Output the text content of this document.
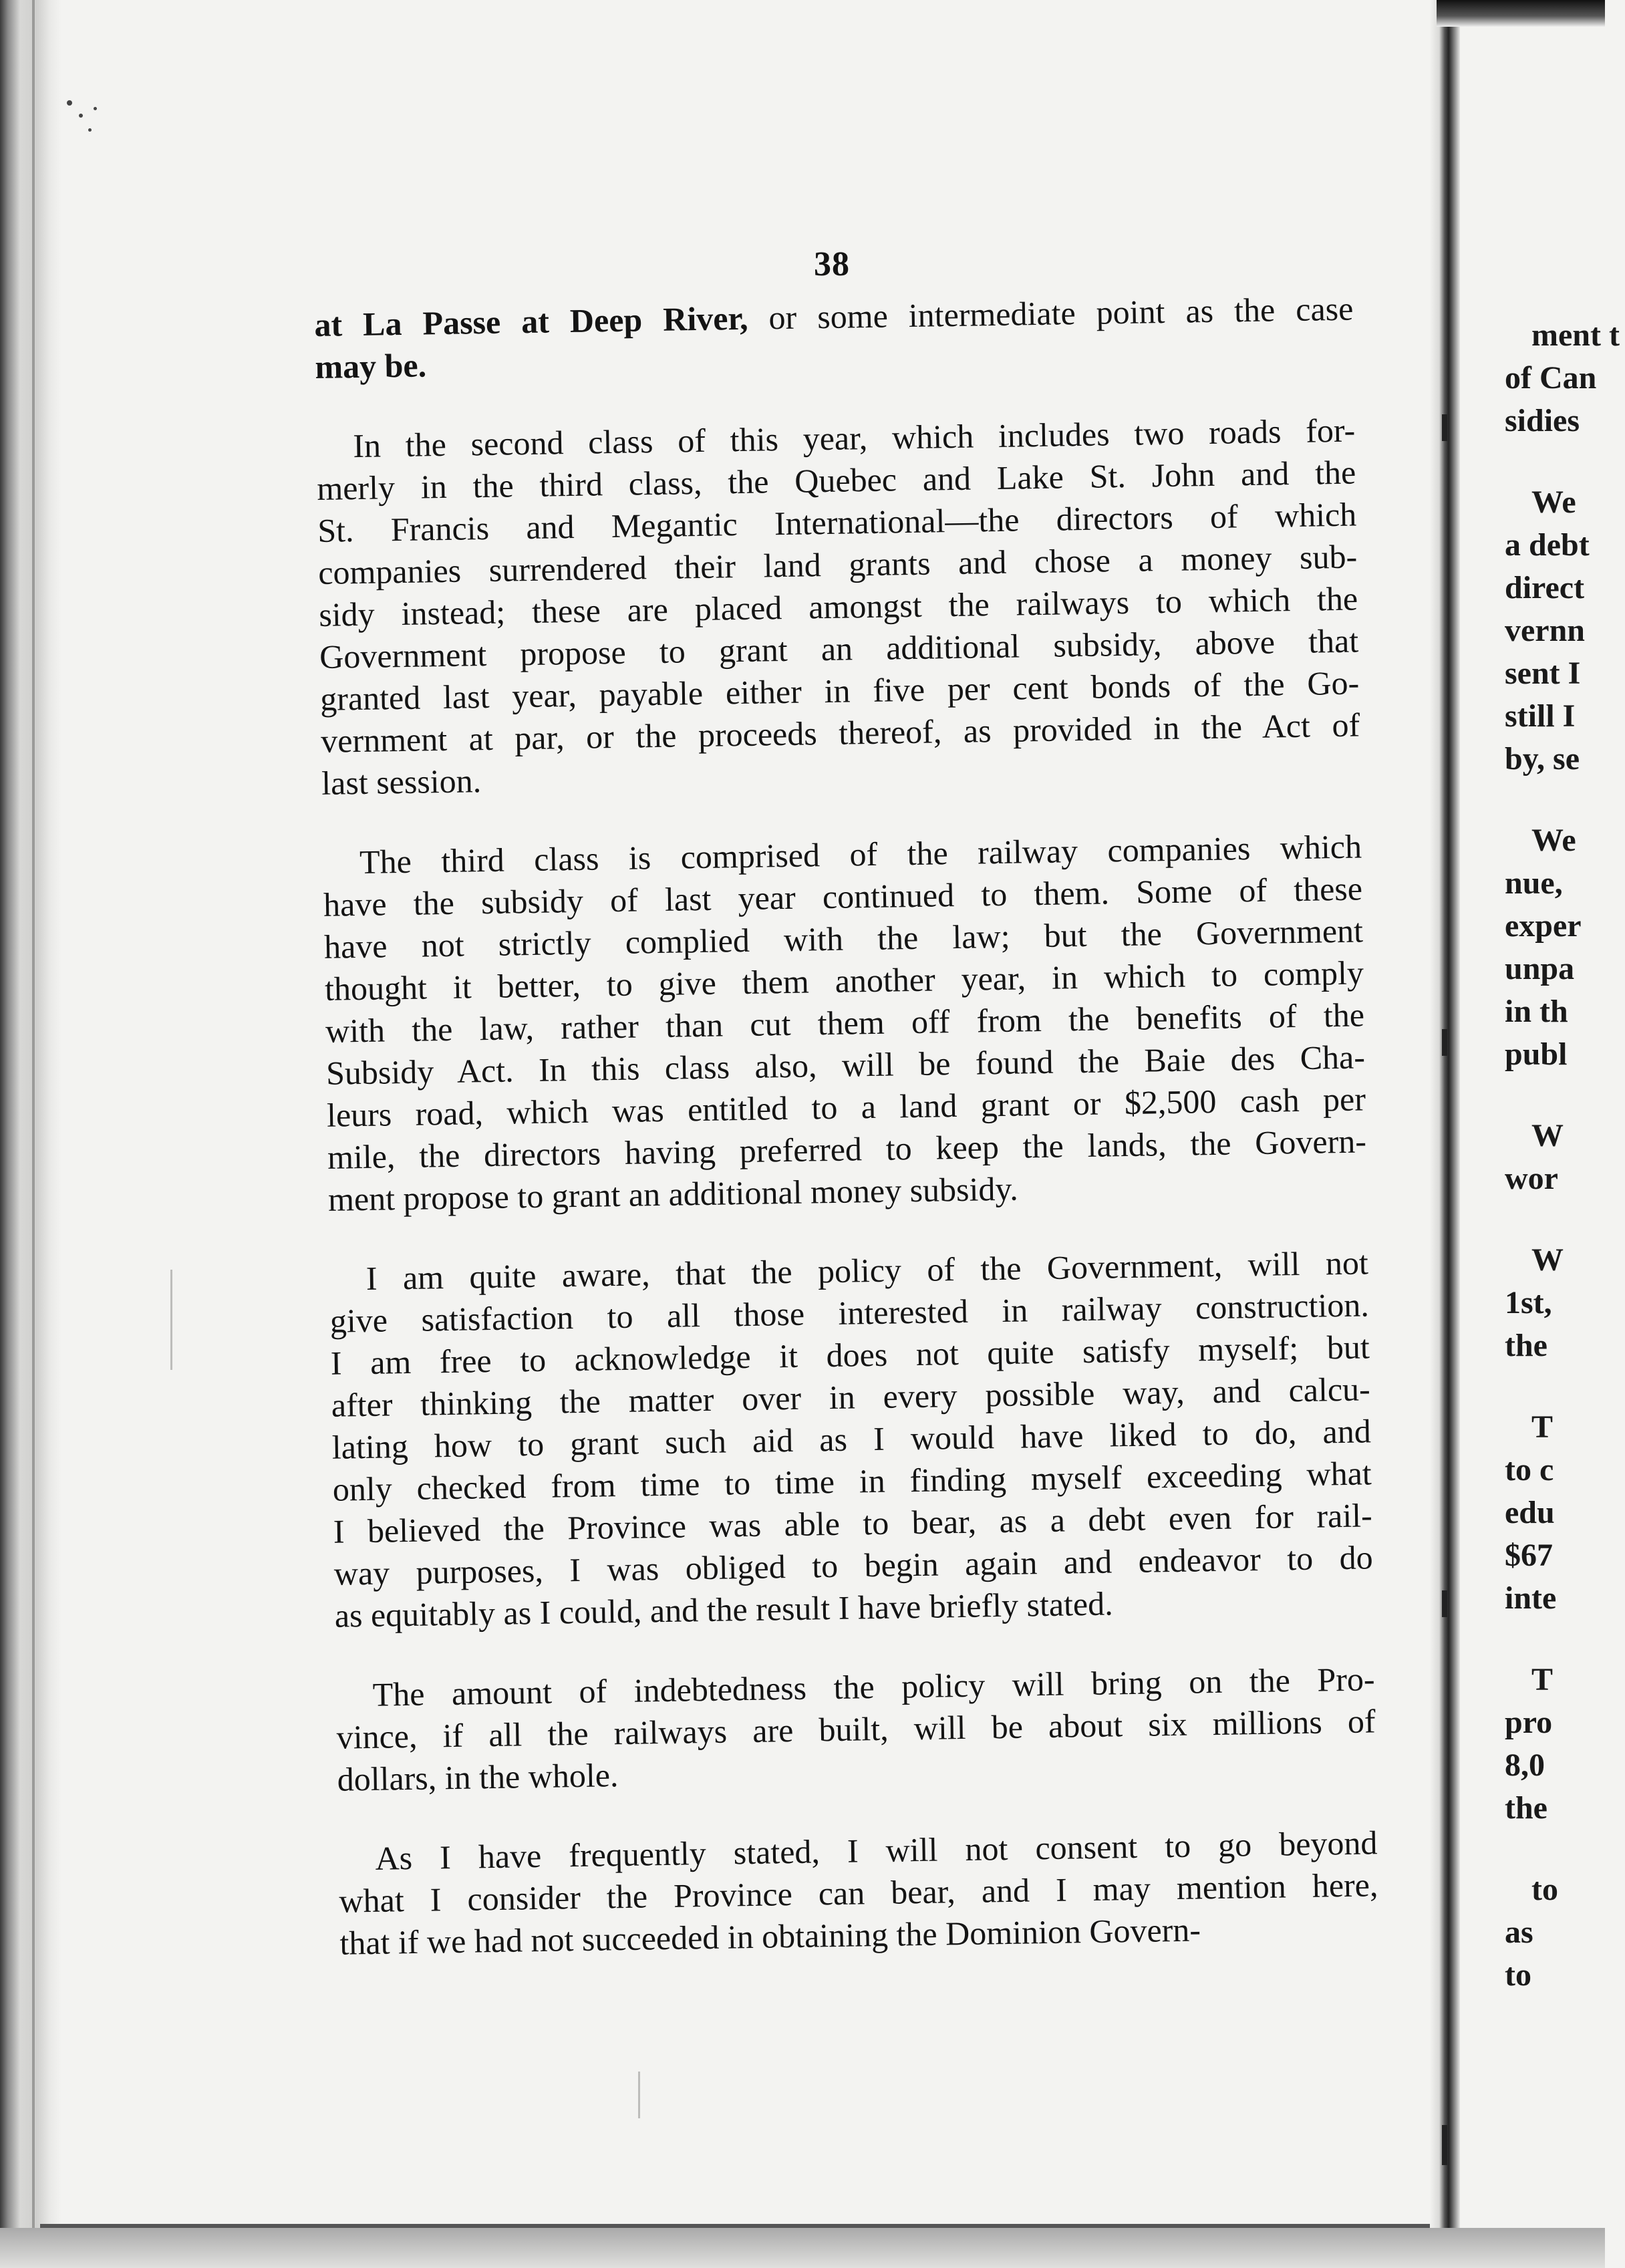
38
at La Passe at Deep River, or some intermediate point as the case
may be.
In the second class of this year, which includes two roads for-
merly in the third class, the Quebec and Lake St. John and the
St. Francis and Megantic International—the directors of which
companies surrendered their land grants and chose a money sub-
sidy instead; these are placed amongst the railways to which the
Government propose to grant an additional subsidy, above that
granted last year, payable either in five per cent bonds of the Go-
vernment at par, or the proceeds thereof, as provided in the Act of
last session.
The third class is comprised of the railway companies which
have the subsidy of last year continued to them. Some of these
have not strictly complied with the law; but the Government
thought it better, to give them another year, in which to comply
with the law, rather than cut them off from the benefits of the
Subsidy Act. In this class also, will be found the Baie des Cha-
leurs road, which was entitled to a land grant or $2,500 cash per
mile, the directors having preferred to keep the lands, the Govern-
ment propose to grant an additional money subsidy.
I am quite aware, that the policy of the Government, will not
give satisfaction to all those interested in railway construction.
I am free to acknowledge it does not quite satisfy myself; but
after thinking the matter over in every possible way, and calcu-
lating how to grant such aid as I would have liked to do, and
only checked from time to time in finding myself exceeding what
I believed the Province was able to bear, as a debt even for rail-
way purposes, I was obliged to begin again and endeavor to do
as equitably as I could, and the result I have briefly stated.
The amount of indebtedness the policy will bring on the Pro-
vince, if all the railways are built, will be about six millions of
dollars, in the whole.
As I have frequently stated, I will not consent to go beyond
what I consider the Province can bear, and I may mention here,
that if we had not succeeded in obtaining the Dominion Govern-
ment t
of Can
sidies
We
a debt
direct
vernn
sent I
still I
by, se
We
nue,
exper
unpa
in th
publ
W
wor
W
1st,
the
T
to c
edu
$67
inte
T
pro
8,0
the
to
as
to
